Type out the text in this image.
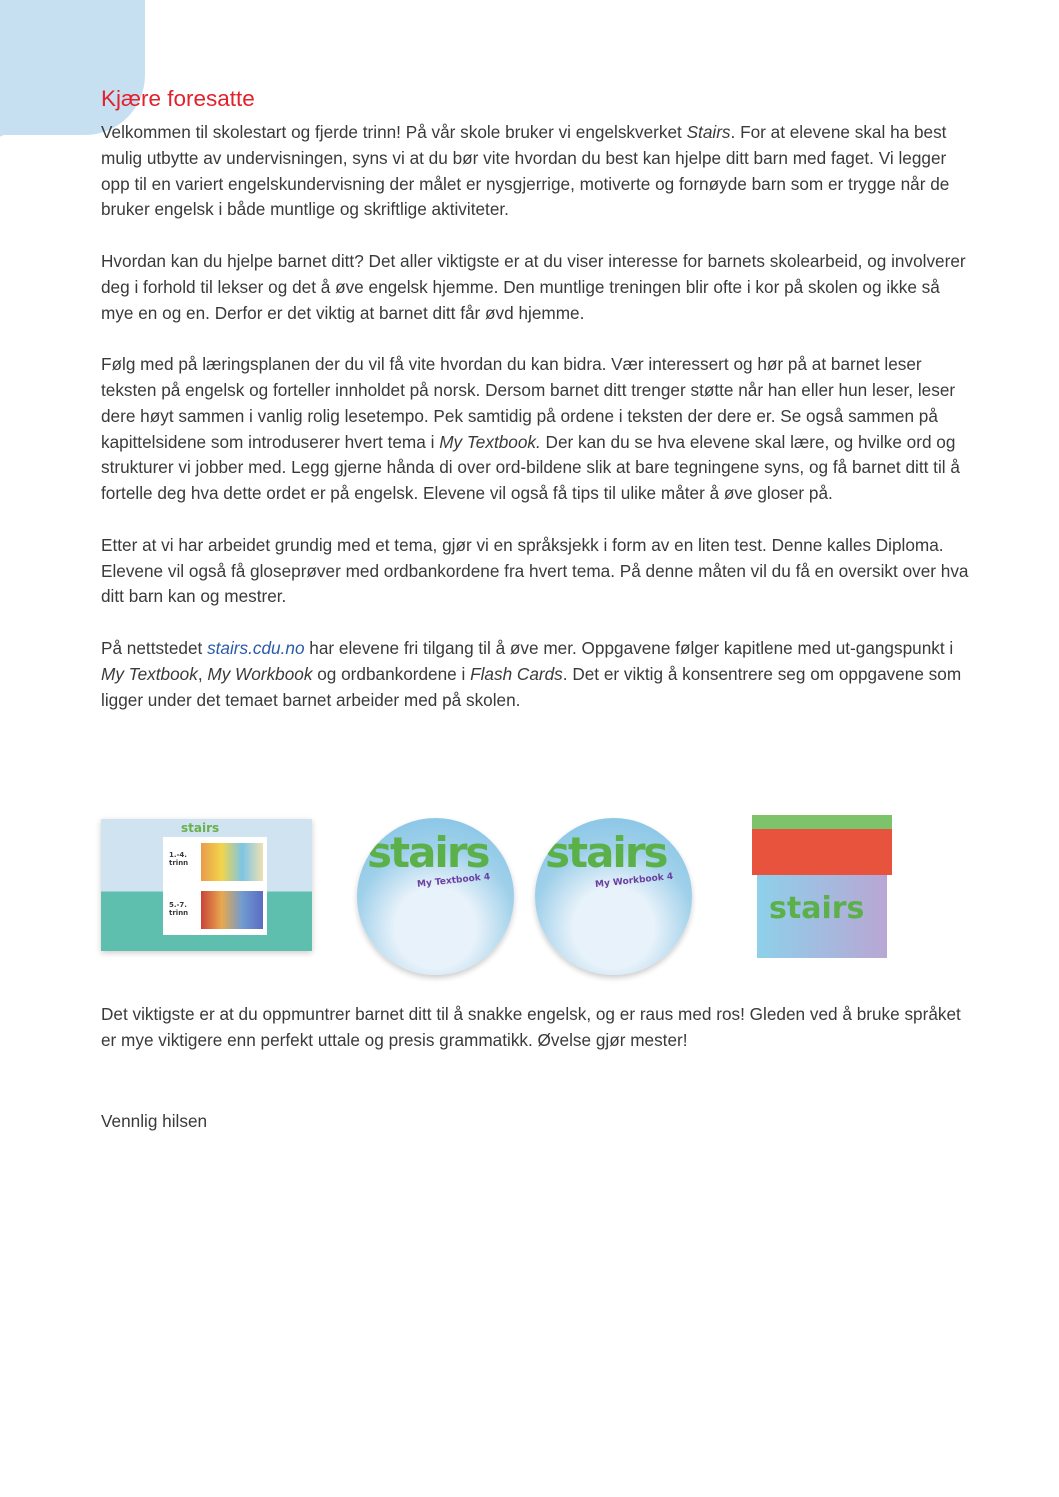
Kjære foresatte

Velkommen til skolestart og fjerde trinn! På vår skole bruker vi engelskverket Stairs. For at elevene skal ha best mulig utbytte av undervisningen, syns vi at du bør vite hvordan du best kan hjelpe ditt barn med faget. Vi legger opp til en variert engelskundervisning der målet er nysgjerrige, motiverte og fornøyde barn som er trygge når de bruker engelsk i både muntlige og skriftlige aktiviteter.

Hvordan kan du hjelpe barnet ditt? Det aller viktigste er at du viser interesse for barnets skolearbeid, og involverer deg i forhold til lekser og det å øve engelsk hjemme. Den muntlige treningen blir ofte i kor på skolen og ikke så mye en og en. Derfor er det viktig at barnet ditt får øvd hjemme.

Følg med på læringsplanen der du vil få vite hvordan du kan bidra. Vær interessert og hør på at barnet leser teksten på engelsk og forteller innholdet på norsk. Dersom barnet ditt trenger støtte når han eller hun leser, leser dere høyt sammen i vanlig rolig lesetempo. Pek samtidig på ordene i teksten der dere er. Se også sammen på kapittelsidene som introduserer hvert tema i My Textbook. Der kan du se hva elevene skal lære, og hvilke ord og strukturer vi jobber med. Legg gjerne hånda di over ord-bildene slik at bare tegningene syns, og få barnet ditt til å fortelle deg hva dette ordet er på engelsk. Elevene vil også få tips til ulike måter å øve gloser på.

Etter at vi har arbeidet grundig med et tema, gjør vi en språksjekk i form av en liten test. Denne kalles Diploma. Elevene vil også få gloseprøver med ordbankordene fra hvert tema. På denne måten vil du få en oversikt over hva ditt barn kan og mestrer.

På nettstedet stairs.cdu.no har elevene fri tilgang til å øve mer. Oppgavene følger kapitlene med ut-gangspunkt i My Textbook, My Workbook og ordbankordene i Flash Cards. Det er viktig å konsentrere seg om oppgavene som ligger under det temaet barnet arbeider med på skolen.

stairs
1.-4. trinn
5.-7. trinn
stairs
My Textbook 4
stairs
My Workbook 4
stairs

Det viktigste er at du oppmuntrer barnet ditt til å snakke engelsk, og er raus med ros! Gleden ved å bruke språket er mye viktigere enn perfekt uttale og presis grammatikk. Øvelse gjør mester!

Vennlig hilsen
